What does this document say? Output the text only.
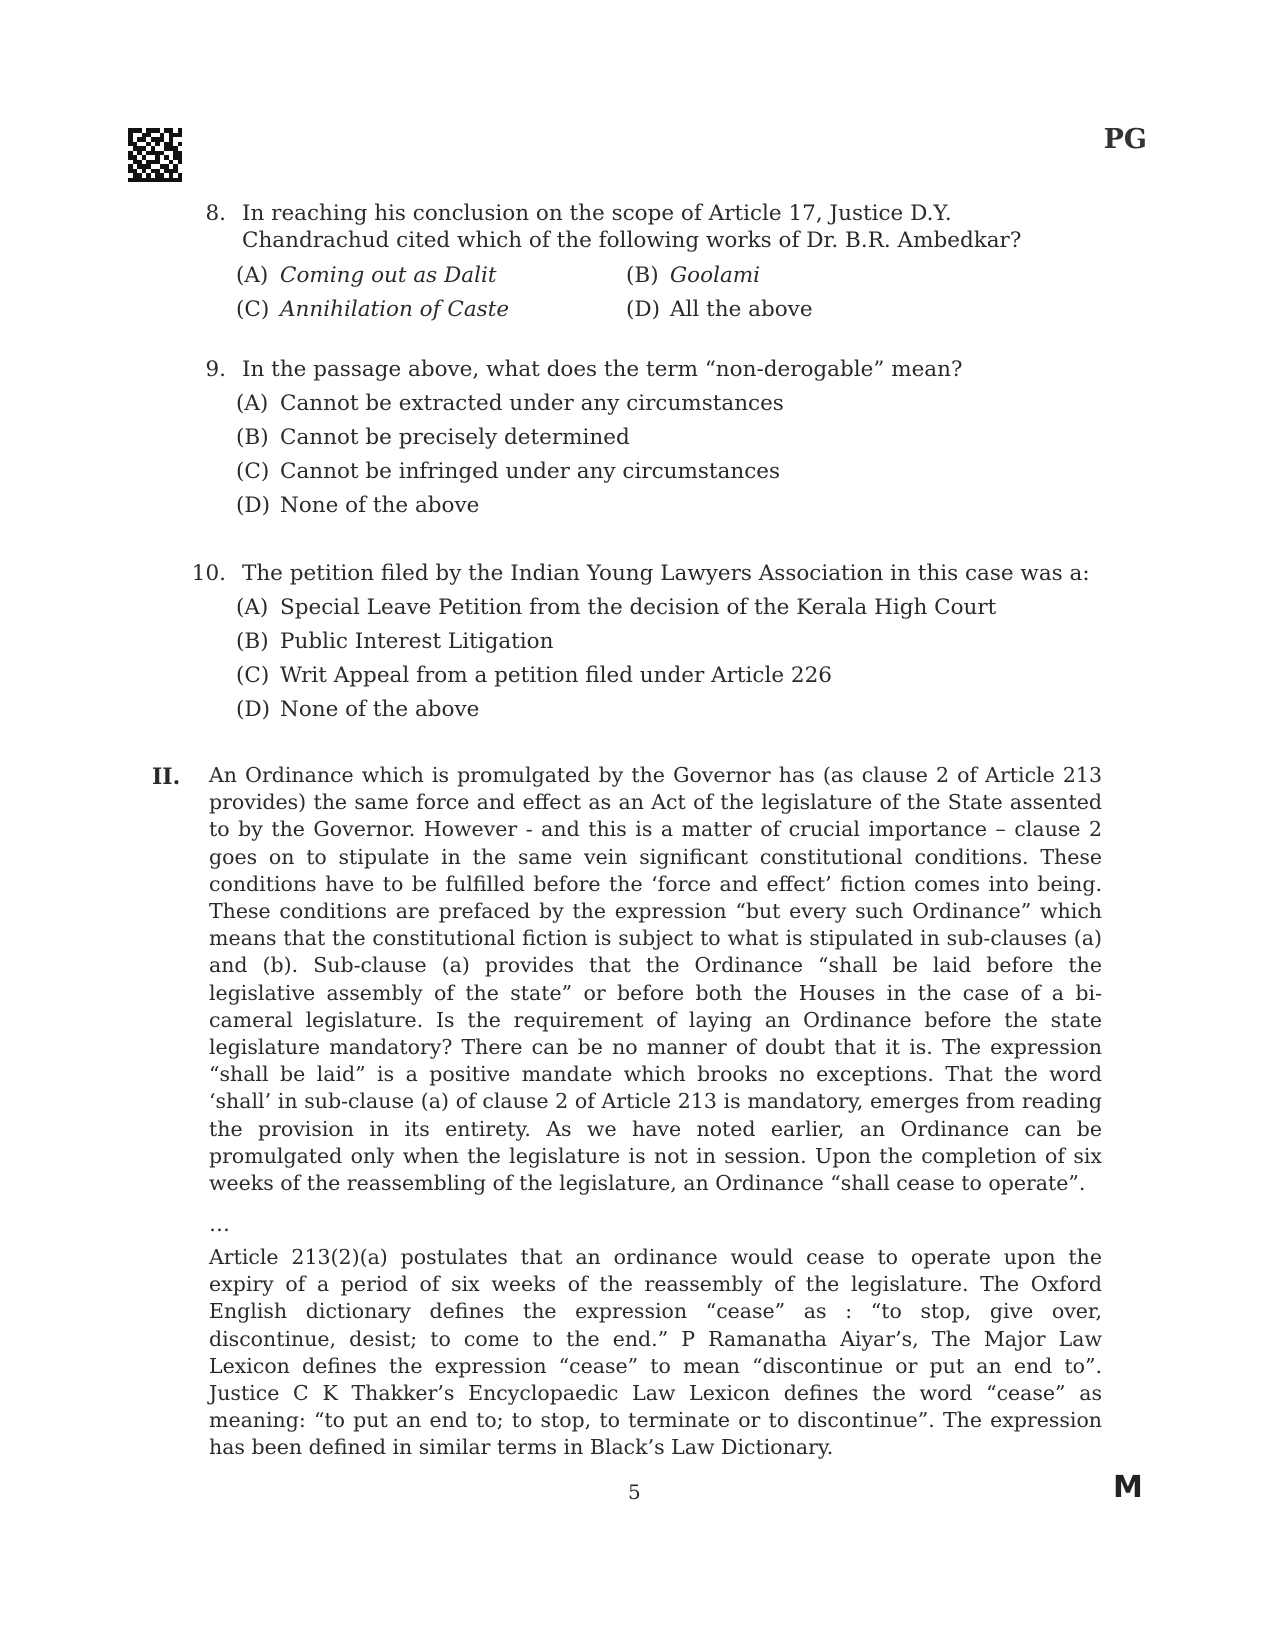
PG
8. In reaching his conclusion on the scope of Article 17, Justice D.Y. Chandrachud cited which of the following works of Dr. B.R. Ambedkar?
(A) Coming out as Dalit	(B) Goolami
(C) Annihilation of Caste	(D) All the above
9. In the passage above, what does the term “non-derogable” mean?
(A) Cannot be extracted under any circumstances
(B) Cannot be precisely determined
(C) Cannot be infringed under any circumstances
(D) None of the above
10. The petition filed by the Indian Young Lawyers Association in this case was a:
(A) Special Leave Petition from the decision of the Kerala High Court
(B) Public Interest Litigation
(C) Writ Appeal from a petition filed under Article 226
(D) None of the above
II. An Ordinance which is promulgated by the Governor has (as clause 2 of Article 213 provides) the same force and effect as an Act of the legislature of the State assented to by the Governor. However - and this is a matter of crucial importance – clause 2 goes on to stipulate in the same vein significant constitutional conditions. These conditions have to be fulfilled before the ‘force and effect’ fiction comes into being. These conditions are prefaced by the expression “but every such Ordinance” which means that the constitutional fiction is subject to what is stipulated in sub-clauses (a) and (b). Sub-clause (a) provides that the Ordinance “shall be laid before the legislative assembly of the state” or before both the Houses in the case of a bi-cameral legislature. Is the requirement of laying an Ordinance before the state legislature mandatory? There can be no manner of doubt that it is. The expression “shall be laid” is a positive mandate which brooks no exceptions. That the word ‘shall’ in sub-clause (a) of clause 2 of Article 213 is mandatory, emerges from reading the provision in its entirety. As we have noted earlier, an Ordinance can be promulgated only when the legislature is not in session. Upon the completion of six weeks of the reassembling of the legislature, an Ordinance “shall cease to operate”.

…

Article 213(2)(a) postulates that an ordinance would cease to operate upon the expiry of a period of six weeks of the reassembly of the legislature. The Oxford English dictionary defines the expression “cease” as : “to stop, give over, discontinue, desist; to come to the end.” P Ramanatha Aiyar’s, The Major Law Lexicon defines the expression “cease” to mean “discontinue or put an end to”. Justice C K Thakker’s Encyclopaedic Law Lexicon defines the word “cease” as meaning: “to put an end to; to stop, to terminate or to discontinue”. The expression has been defined in similar terms in Black’s Law Dictionary.

5	M
